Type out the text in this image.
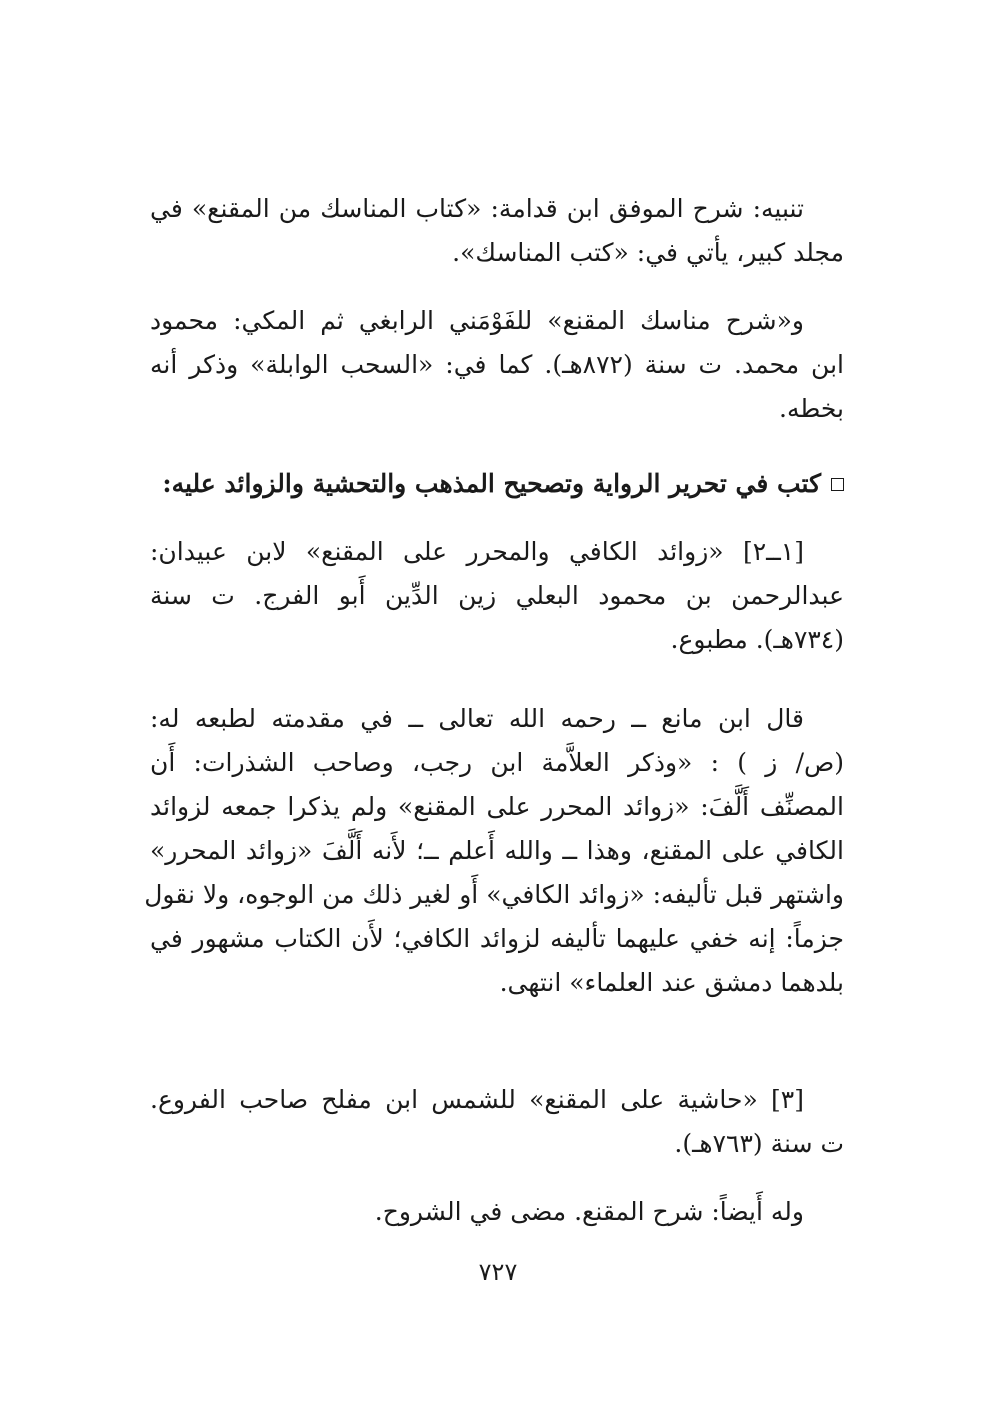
تنبيه: شرح الموفق ابن قدامة: «كتاب المناسك من المقنع» في
مجلد كبير، يأتي في: «كتب المناسك».

و«شرح مناسك المقنع» للفَوْمَني الرابغي ثم المكي: محمود
ابن محمد. ت سنة (٨٧٢هـ). كما في: «السحب الوابلة» وذكر أنه
بخطه.

كتب في تحرير الرواية وتصحيح المذهب والتحشية والزوائد عليه:

[١ــ٢] «زوائد الكافي والمحرر على المقنع» لابن عبيدان:
عبدالرحمن بن محمود البعلي زين الدِّين أَبو الفرج. ت سنة
(٧٣٤هـ). مطبوع.

قال ابن مانع ــ رحمه الله تعالى ــ في مقدمته لطبعه له:
(ص/ ز ) : «وذكر العلاَّمة ابن رجب، وصاحب الشذرات: أَن
المصنِّف أَلَّفَ: «زوائد المحرر على المقنع» ولم يذكرا جمعه لزوائد
الكافي على المقنع، وهذا ــ والله أَعلم ــ؛ لأَنه أَلَّفَ «زوائد المحرر»
واشتهر قبل تأليفه: «زوائد الكافي» أَو لغير ذلك من الوجوه، ولا نقول
جزماً: إنه خفي عليهما تأليفه لزوائد الكافي؛ لأَن الكتاب مشهور في
بلدهما دمشق عند العلماء» انتهى.

[٣] «حاشية على المقنع» للشمس ابن مفلح صاحب الفروع.
ت سنة (٧٦٣هـ).

وله أَيضاً: شرح المقنع. مضى في الشروح.

٧٢٧
